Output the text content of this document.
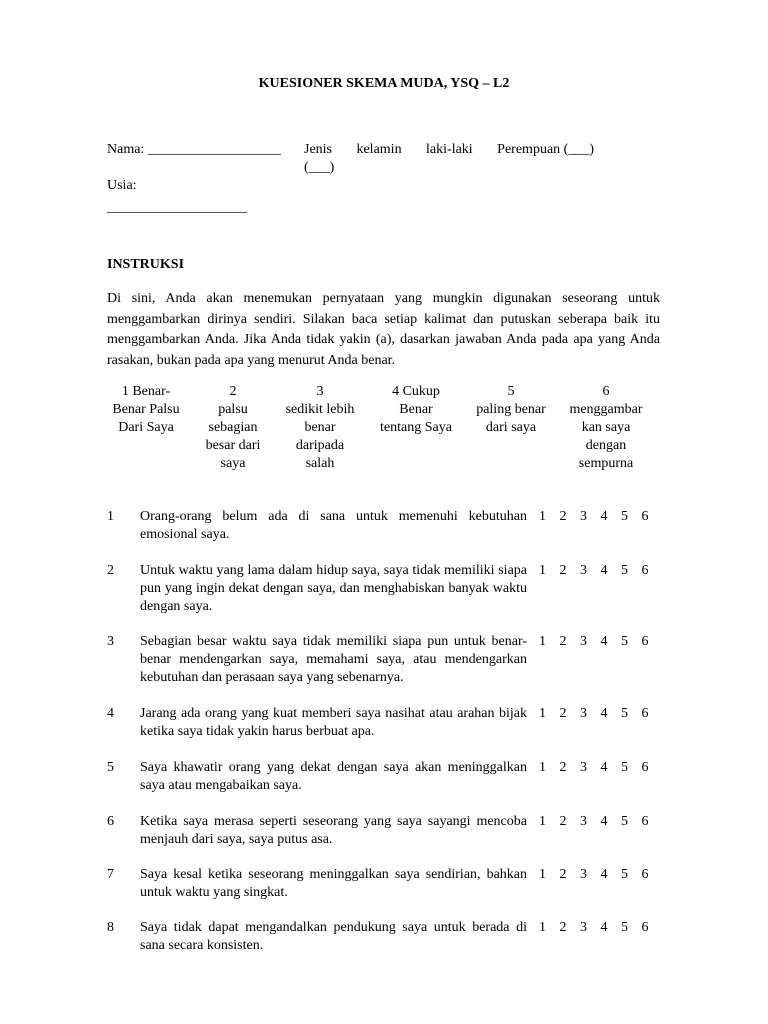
KUESIONER SKEMA MUDA, YSQ – L2
Nama: ___________________ Jenis kelamin laki-laki Perempuan (___)
(___)
Usia:
____________________
INSTRUKSI
Di sini, Anda akan menemukan pernyataan yang mungkin digunakan seseorang untuk menggambarkan dirinya sendiri. Silakan baca setiap kalimat dan putuskan seberapa baik itu menggambarkan Anda. Jika Anda tidak yakin (a), dasarkan jawaban Anda pada apa yang Anda rasakan, bukan pada apa yang menurut Anda benar.
1 Benar-
Benar Palsu
Dari Saya
2
palsu
sebagian
besar dari
saya
3
sedikit lebih
benar
daripada
salah
4 Cukup
Benar
tentang Saya
5
paling benar
dari saya
6
menggambar
kan saya
dengan
sempurna
1 Orang-orang belum ada di sana untuk memenuhi kebutuhan emosional saya.
1 2 3 4 5 6
2 Untuk waktu yang lama dalam hidup saya, saya tidak memiliki siapa pun yang ingin dekat dengan saya, dan menghabiskan banyak waktu dengan saya.
1 2 3 4 5 6
3 Sebagian besar waktu saya tidak memiliki siapa pun untuk benar-benar mendengarkan saya, memahami saya, atau mendengarkan kebutuhan dan perasaan saya yang sebenarnya.
1 2 3 4 5 6
4 Jarang ada orang yang kuat memberi saya nasihat atau arahan bijak ketika saya tidak yakin harus berbuat apa.
1 2 3 4 5 6
5 Saya khawatir orang yang dekat dengan saya akan meninggalkan saya atau mengabaikan saya.
1 2 3 4 5 6
6 Ketika saya merasa seperti seseorang yang saya sayangi mencoba menjauh dari saya, saya putus asa.
1 2 3 4 5 6
7 Saya kesal ketika seseorang meninggalkan saya sendirian, bahkan untuk waktu yang singkat.
1 2 3 4 5 6
8 Saya tidak dapat mengandalkan pendukung saya untuk berada di sana secara konsisten.
1 2 3 4 5 6
